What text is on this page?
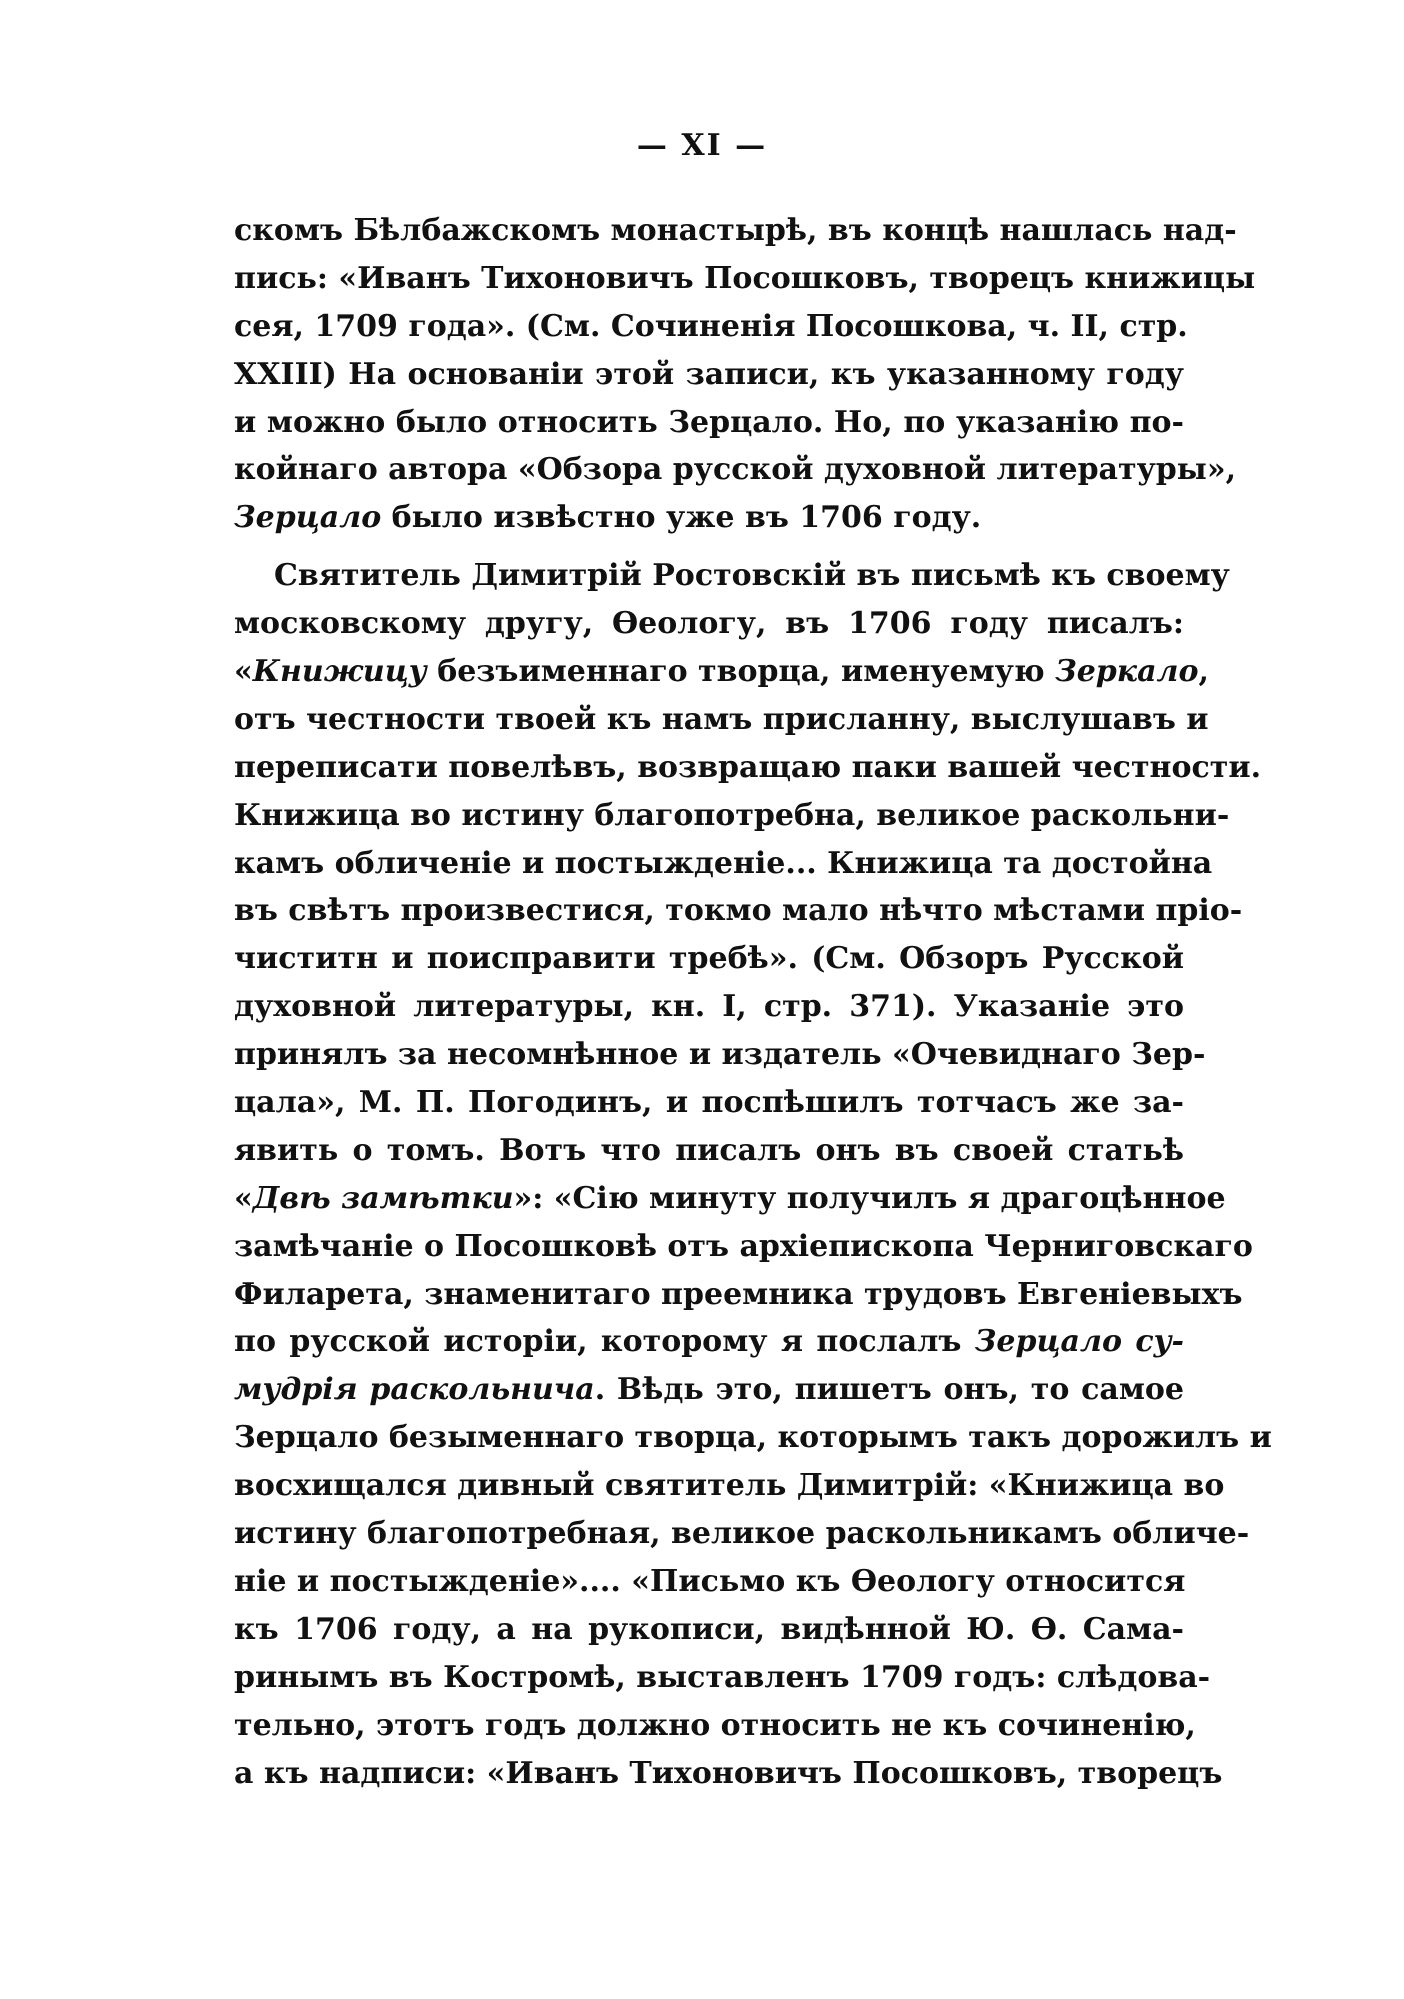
— XI —
скомъ Бѣлбажскомъ монастырѣ, въ концѣ нашлась над-
пись: «Иванъ Тихоновичъ Посошковъ, творецъ книжицы
сея, 1709 года». (См. Сочиненія Посошкова, ч. II, стр.
XXIII) На основаніи этой записи, къ указанному году
и можно было относить Зерцало. Но, по указанію по-
койнаго автора «Обзора русской духовной литературы»,
Зерцало было извѣстно уже въ 1706 году.
Святитель Димитрій Ростовскій въ письмѣ къ своему
московскому другу, Ѳеологу, въ 1706 году писалъ:
«Книжицу безъименнаго творца, именуемую Зеркало,
отъ честности твоей къ намъ присланну, выслушавъ и
переписати повелѣвъ, возвращаю паки вашей честности.
Книжица во истину благопотребна, великое раскольни-
камъ обличеніе и постыжденіе... Книжица та достойна
въ свѣтъ произвестися, токмо мало нѣчто мѣстами пріо-
чиститн и поисправити требѣ». (См. Обзоръ Русской
духовной литературы, кн. I, стр. 371). Указаніе это
принялъ за несомнѣнное и издатель «Очевиднаго Зер-
цала», М. П. Погодинъ, и поспѣшилъ тотчасъ же за-
явить о томъ. Вотъ что писалъ онъ въ своей статьѣ
«Двѣ замѣтки»: «Сію минуту получилъ я драгоцѣнное
замѣчаніе о Посошковѣ отъ архіепископа Черниговскаго
Филарета, знаменитаго преемника трудовъ Евгеніевыхъ
по русской исторіи, которому я послалъ Зерцало су-
мудрія раскольнича. Вѣдь это, пишетъ онъ, то самое
Зерцало безыменнаго творца, которымъ такъ дорожилъ и
восхищался дивный святитель Димитрій: «Книжица во
истину благопотребная, великое раскольникамъ обличе-
ніе и постыжденіе».... «Письмо къ Ѳеологу относится
къ 1706 году, а на рукописи, видѣнной Ю. Ѳ. Сама-
ринымъ въ Костромѣ, выставленъ 1709 годъ: слѣдова-
тельно, этотъ годъ должно относить не къ сочиненію,
а къ надписи: «Иванъ Тихоновичъ Посошковъ, творецъ
